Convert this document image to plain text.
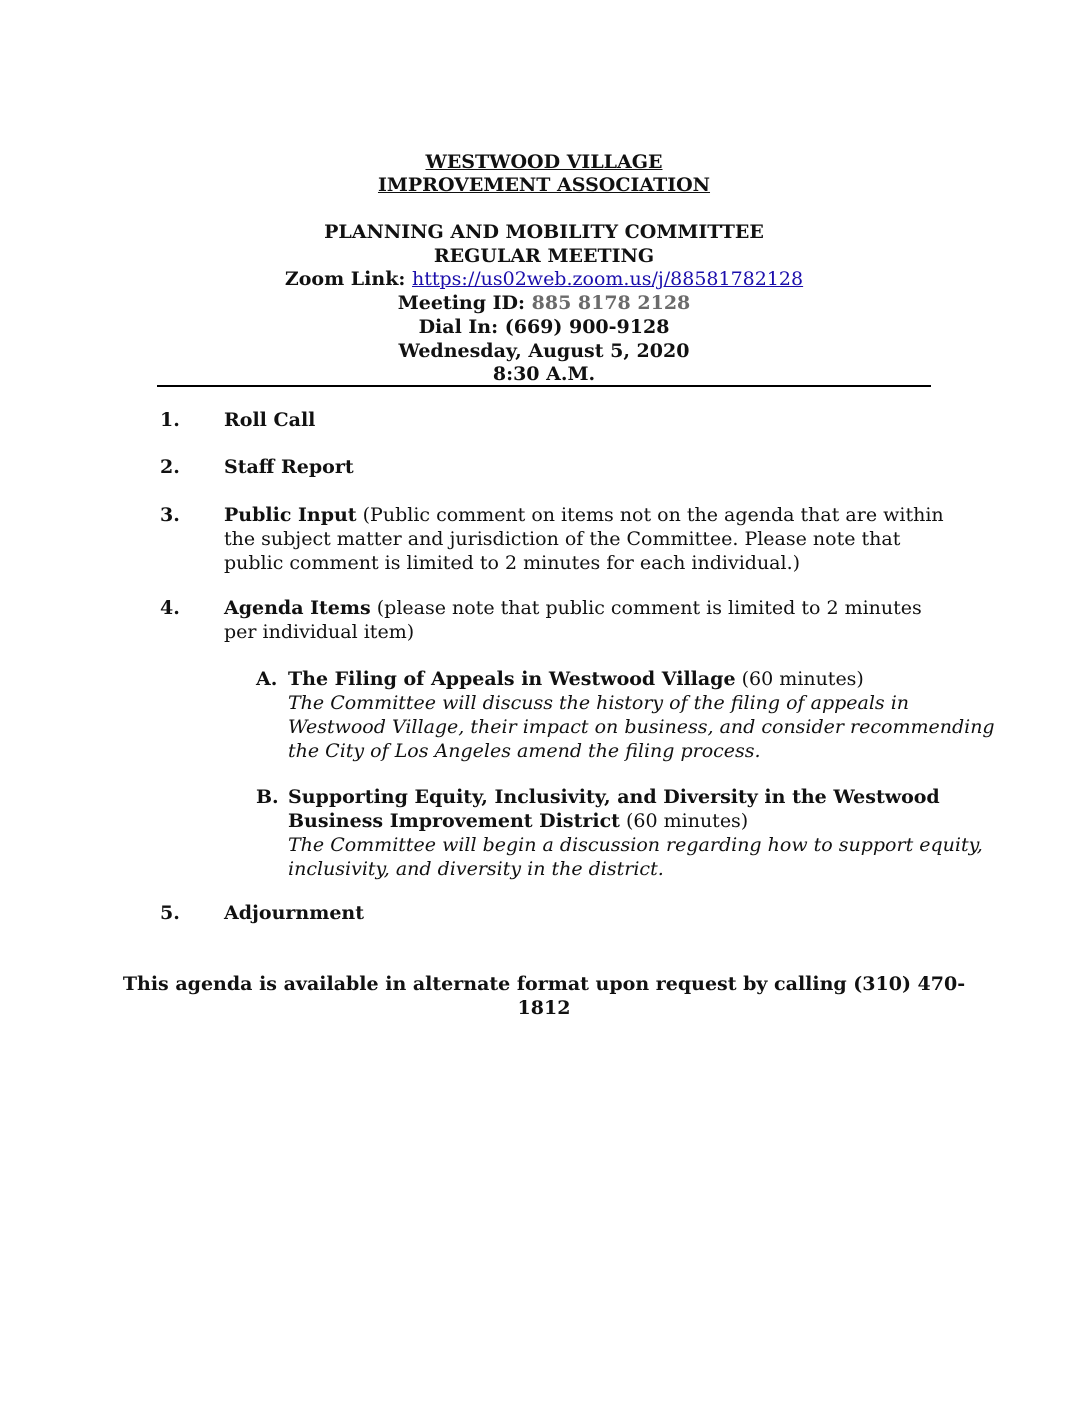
WESTWOOD VILLAGE
IMPROVEMENT ASSOCIATION
PLANNING AND MOBILITY COMMITTEE
REGULAR MEETING
Zoom Link: https://us02web.zoom.us/j/88581782128
Meeting ID: 885 8178 2128
Dial In: (669) 900-9128
Wednesday, August 5, 2020
8:30 A.M.
1. Roll Call
2. Staff Report
3. Public Input (Public comment on items not on the agenda that are within
the subject matter and jurisdiction of the Committee. Please note that
public comment is limited to 2 minutes for each individual.)
4. Agenda Items (please note that public comment is limited to 2 minutes
per individual item)
A. The Filing of Appeals in Westwood Village (60 minutes)
The Committee will discuss the history of the filing of appeals in
Westwood Village, their impact on business, and consider recommending
the City of Los Angeles amend the filing process.
B. Supporting Equity, Inclusivity, and Diversity in the Westwood
Business Improvement District (60 minutes)
The Committee will begin a discussion regarding how to support equity,
inclusivity, and diversity in the district.
5. Adjournment
This agenda is available in alternate format upon request by calling (310) 470-
1812
